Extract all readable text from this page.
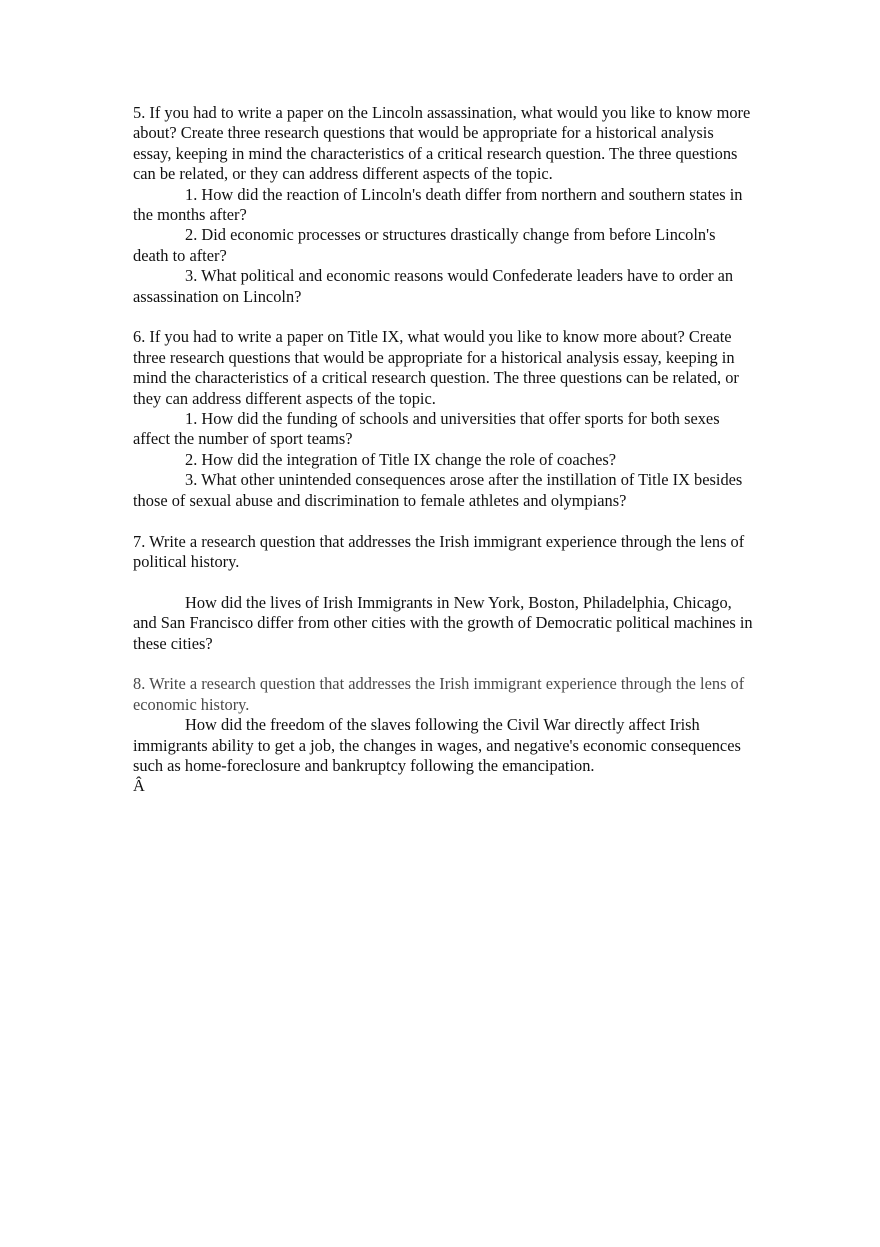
5. If you had to write a paper on the Lincoln assassination, what would you like to know more about? Create three research questions that would be appropriate for a historical analysis essay, keeping in mind the characteristics of a critical research question. The three questions can be related, or they can address different aspects of the topic.

1. How did the reaction of Lincoln's death differ from northern and southern states in the months after?

2. Did economic processes or structures drastically change from before Lincoln's death to after?

3. What political and economic reasons would Confederate leaders have to order an assassination on Lincoln?

6. If you had to write a paper on Title IX, what would you like to know more about? Create three research questions that would be appropriate for a historical analysis essay, keeping in mind the characteristics of a critical research question. The three questions can be related, or they can address different aspects of the topic.

1. How did the funding of schools and universities that offer sports for both sexes affect the number of sport teams?

2. How did the integration of Title IX change the role of coaches?

3. What other unintended consequences arose after the instillation of Title IX besides those of sexual abuse and discrimination to female athletes and olympians?

7. Write a research question that addresses the Irish immigrant experience through the lens of political history.

How did the lives of Irish Immigrants in New York, Boston, Philadelphia, Chicago, and San Francisco differ from other cities with the growth of Democratic political machines in these cities?

8. Write a research question that addresses the Irish immigrant experience through the lens of economic history.

How did the freedom of the slaves following the Civil War directly affect Irish immigrants ability to get a job, the changes in wages, and negative's economic consequences such as home-foreclosure and bankruptcy following the emancipation.

Â
